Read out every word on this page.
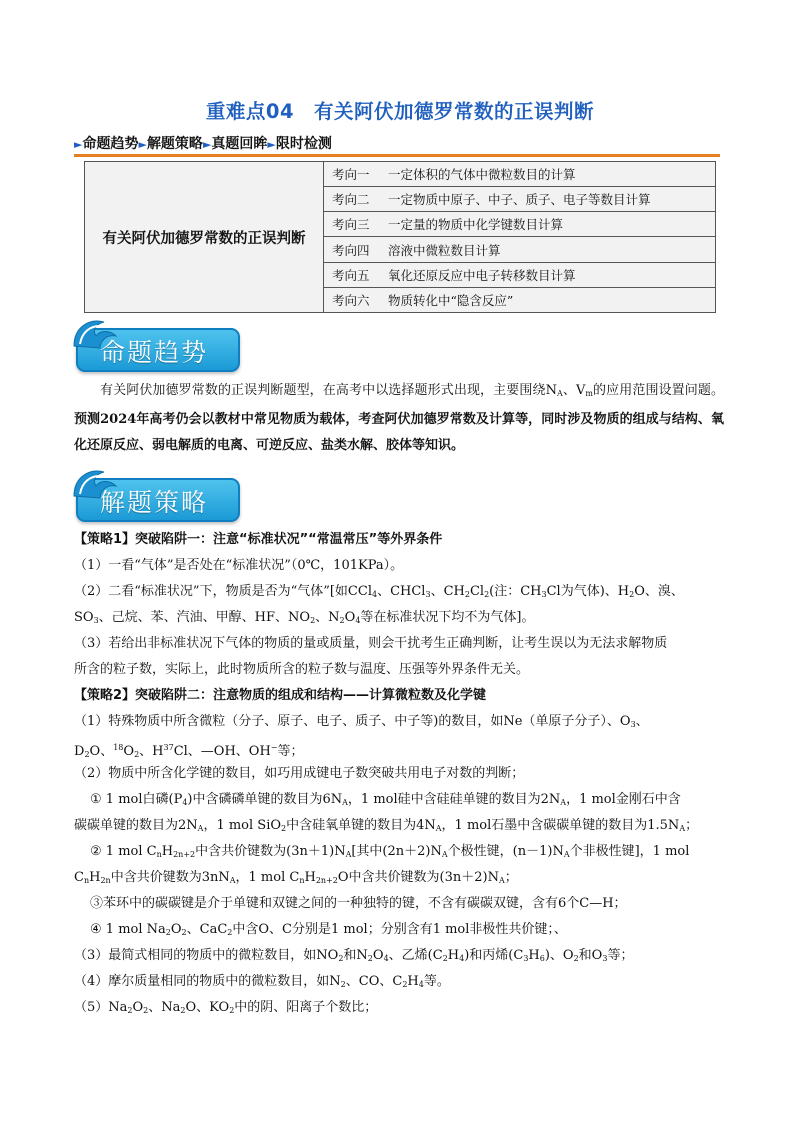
重难点04　有关阿伏加德罗常数的正误判断
►命题趋势►解题策略►真题回眸►限时检测
有关阿伏加德罗常数的正误判断	考向一 一定体积的气体中微粒数目的计算
考向二 一定物质中原子、中子、质子、电子等数目计算
考向三 一定量的物质中化学键数目计算
考向四 溶液中微粒数目计算
考向五 氧化还原反应中电子转移数目计算
考向六 物质转化中“隐含反应”
命题趋势
有关阿伏加德罗常数的正误判断题型，在高考中以选择题形式出现，主要围绕$N_A$、$V_m$的应用范围设置问题。预测2024年高考仍会以教材中常见物质为载体，考查阿伏加德罗常数及计算等，同时涉及物质的组成与结构、氧化还原反应、弱电解质的电离、可逆反应、盐类水解、胶体等知识。
解题策略
【策略1】突破陷阱一：注意“标准状况”“常温常压”等外界条件
（1）一看“气体”是否处在“标准状况”（0℃，101KPa）。
（2）二看“标准状况”下，物质是否为“气体”[如CCl$_4$、CHCl$_3$、$CH_2Cl_2$(注：$CH_3Cl$为气体)、$H_2O$、溴、
$SO_3$、己烷、苯、汽油、甲醇、HF、$NO_2$、$N_2O_4$等在标准状况下均不为气体]。
（3）若给出非标准状况下气体的物质的量或质量，则会干扰考生正确判断，让考生误以为无法求解物质
所含的粒子数，实际上，此时物质所含的粒子数与温度、压强等外界条件无关。
【策略2】突破陷阱二：注意物质的组成和结构——计算微粒数及化学键
（1）特殊物质中所含微粒（分子、原子、电子、质子、中子等)的数目，如Ne（单原子分子）、$O_3$、
$D_2O$、$^{18}O_2$、$H^{37}Cl$、—OH、OH−等；
（2）物质中所含化学键的数目，如巧用成键电子数突破共用电子对数的判断；
① 1 mol白磷$(P_4)$中含磷磷单键的数目为$6N_A$，1 mol硅中含硅硅单键的数目为$2N_A$，1 mol金刚石中含
碳碳单键的数目为$2N_A$，1 mol SiO$_2$中含硅氧单键的数目为$4N_A$，1 mol石墨中含碳碳单键的数目为$1.5N_A$；
② 1 mol $C_nH_{2n+2}$中含共价键数为$(3n+1)N_A$[其中$(2n+2)N_A$个极性键，$(n-1)N_A$个非极性键]，1 mol
$C_nH_{2n}$中含共价键数为$3nN_A$，1 mol $C_nH_{2n+2}O$中含共价键数为$(3n+2)N_A$；
③苯环中的碳碳键是介于单键和双键之间的一种独特的键，不含有碳碳双键，含有6个C—H；
④ 1 mol $Na_2O_2$、CaC$_2$中含O、C分别是1 mol；分别含有1 mol非极性共价键；、
（3）最简式相同的物质中的微粒数目，如$NO_2$和$N_2O_4$、乙烯$(C_2H_4)$和丙烯$(C_3H_6)$、$O_2$和$O_3$等；
（4）摩尔质量相同的物质中的微粒数目，如$N_2$、CO、$C_2H_4$等。
$(5)Na_2O_2$、$Na_2O$、$KO_2$中的阴、阳离子个数比；
